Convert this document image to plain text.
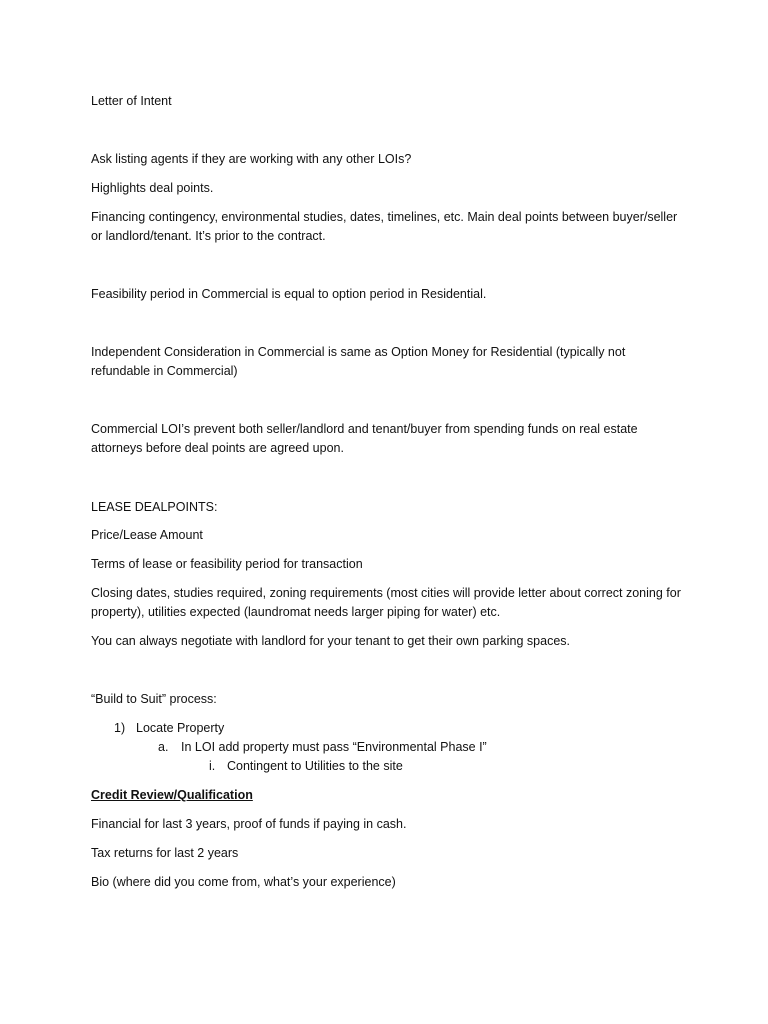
Letter of Intent
Ask listing agents if they are working with any other LOIs?
Highlights deal points.
Financing contingency, environmental studies, dates, timelines, etc. Main deal points between buyer/seller or landlord/tenant. It’s prior to the contract.
Feasibility period in Commercial is equal to option period in Residential.
Independent Consideration in Commercial is same as Option Money for Residential (typically not refundable in Commercial)
Commercial LOI’s prevent both seller/landlord and tenant/buyer from spending funds on real estate attorneys before deal points are agreed upon.
LEASE DEALPOINTS:
Price/Lease Amount
Terms of lease or feasibility period for transaction
Closing dates, studies required, zoning requirements (most cities will provide letter about correct zoning for property), utilities expected (laundromat needs larger piping for water) etc.
You can always negotiate with landlord for your tenant to get their own parking spaces.
“Build to Suit” process:
1) Locate Property
a. In LOI add property must pass “Environmental Phase I”
i. Contingent to Utilities to the site
Credit Review/Qualification
Financial for last 3 years, proof of funds if paying in cash.
Tax returns for last 2 years
Bio (where did you come from, what’s your experience)
